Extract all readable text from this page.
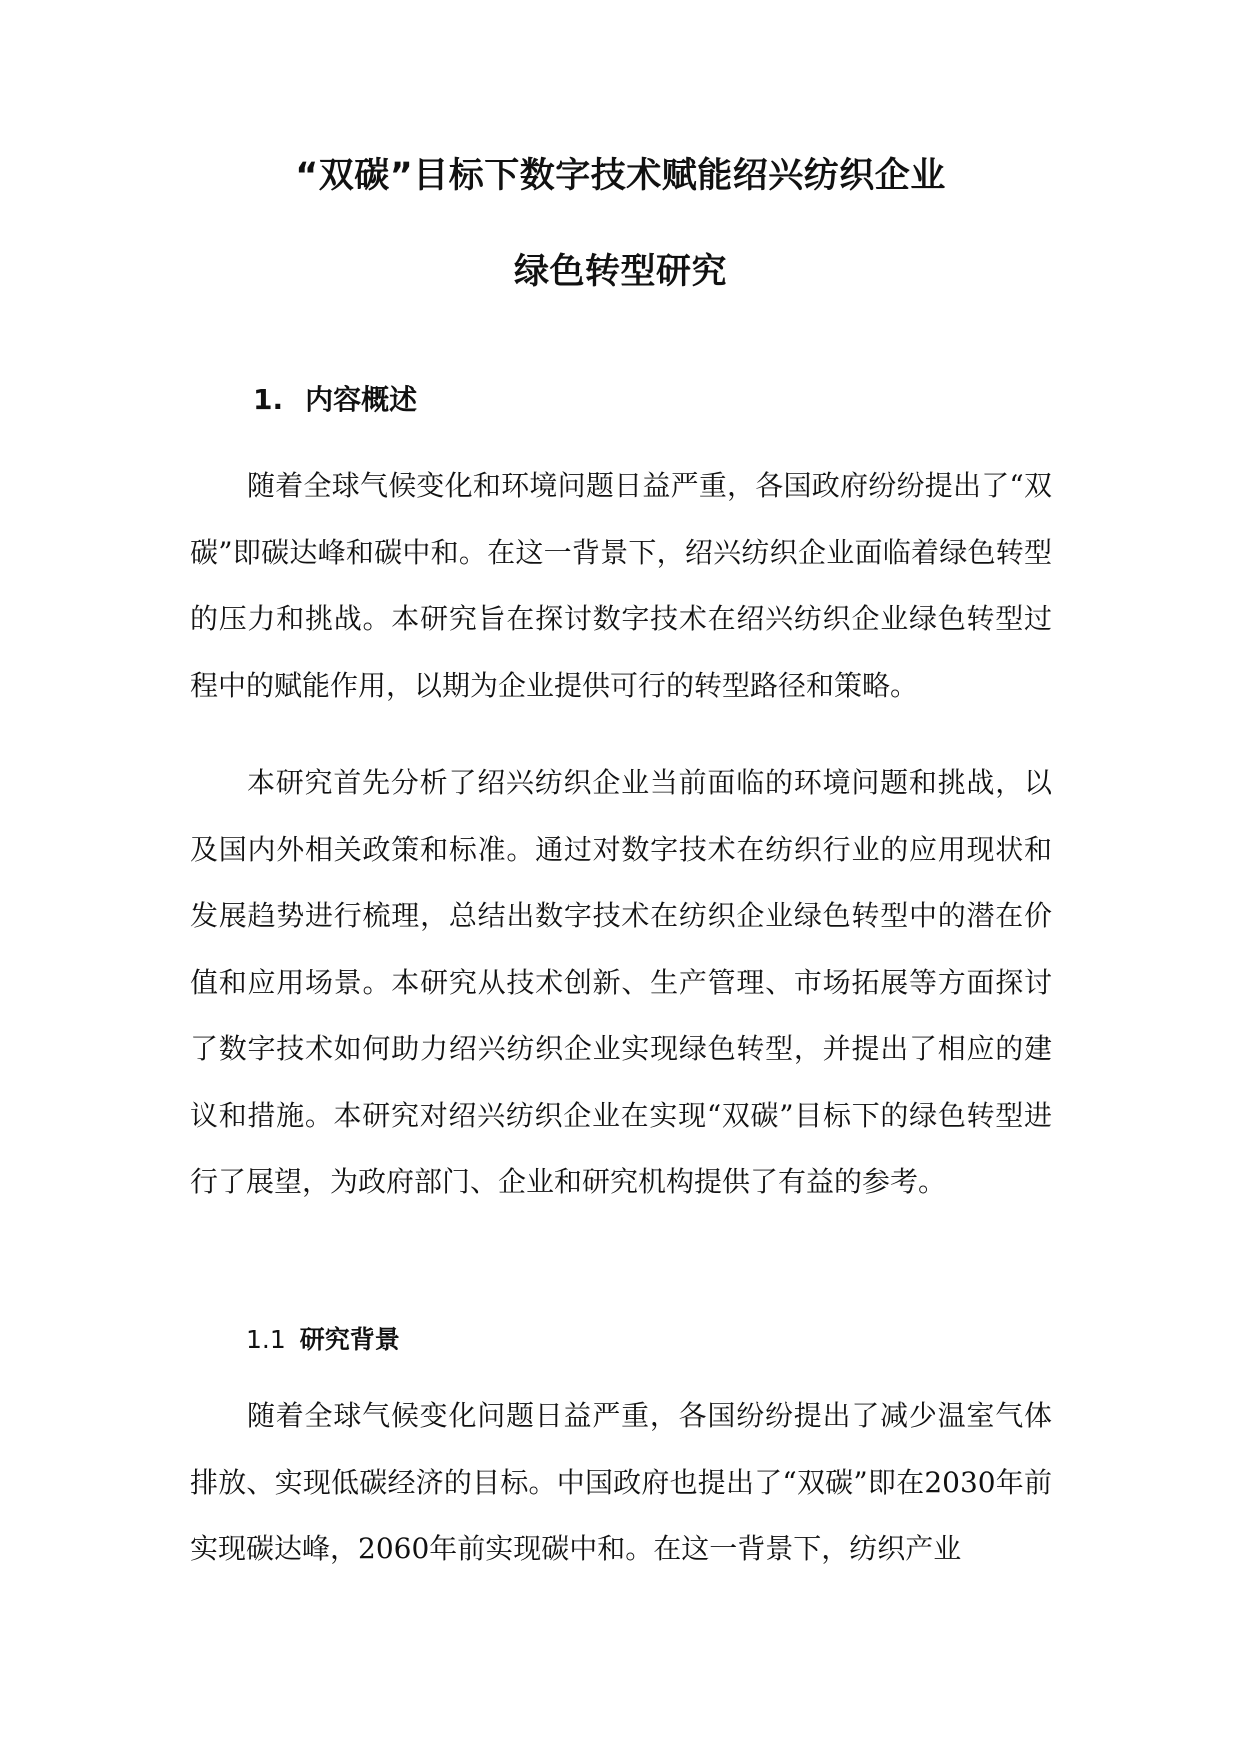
“双碳”目标下数字技术赋能绍兴纺织企业
绿色转型研究
1. 内容概述

随着全球气候变化和环境问题日益严重，各国政府纷纷提出了“双碳”即碳达峰和碳中和。在这一背景下，绍兴纺织企业面临着绿色转型的压力和挑战。本研究旨在探讨数字技术在绍兴纺织企业绿色转型过程中的赋能作用，以期为企业提供可行的转型路径和策略。

本研究首先分析了绍兴纺织企业当前面临的环境问题和挑战，以及国内外相关政策和标准。通过对数字技术在纺织行业的应用现状和发展趋势进行梳理，总结出数字技术在纺织企业绿色转型中的潜在价值和应用场景。本研究从技术创新、生产管理、市场拓展等方面探讨了数字技术如何助力绍兴纺织企业实现绿色转型，并提出了相应的建议和措施。本研究对绍兴纺织企业在实现“双碳”目标下的绿色转型进行了展望，为政府部门、企业和研究机构提供了有益的参考。

1.1 研究背景

随着全球气候变化问题日益严重，各国纷纷提出了减少温室气体排放、实现低碳经济的目标。中国政府也提出了“双碳”即在2030年前实现碳达峰，2060年前实现碳中和。在这一背景下，纺织产业
